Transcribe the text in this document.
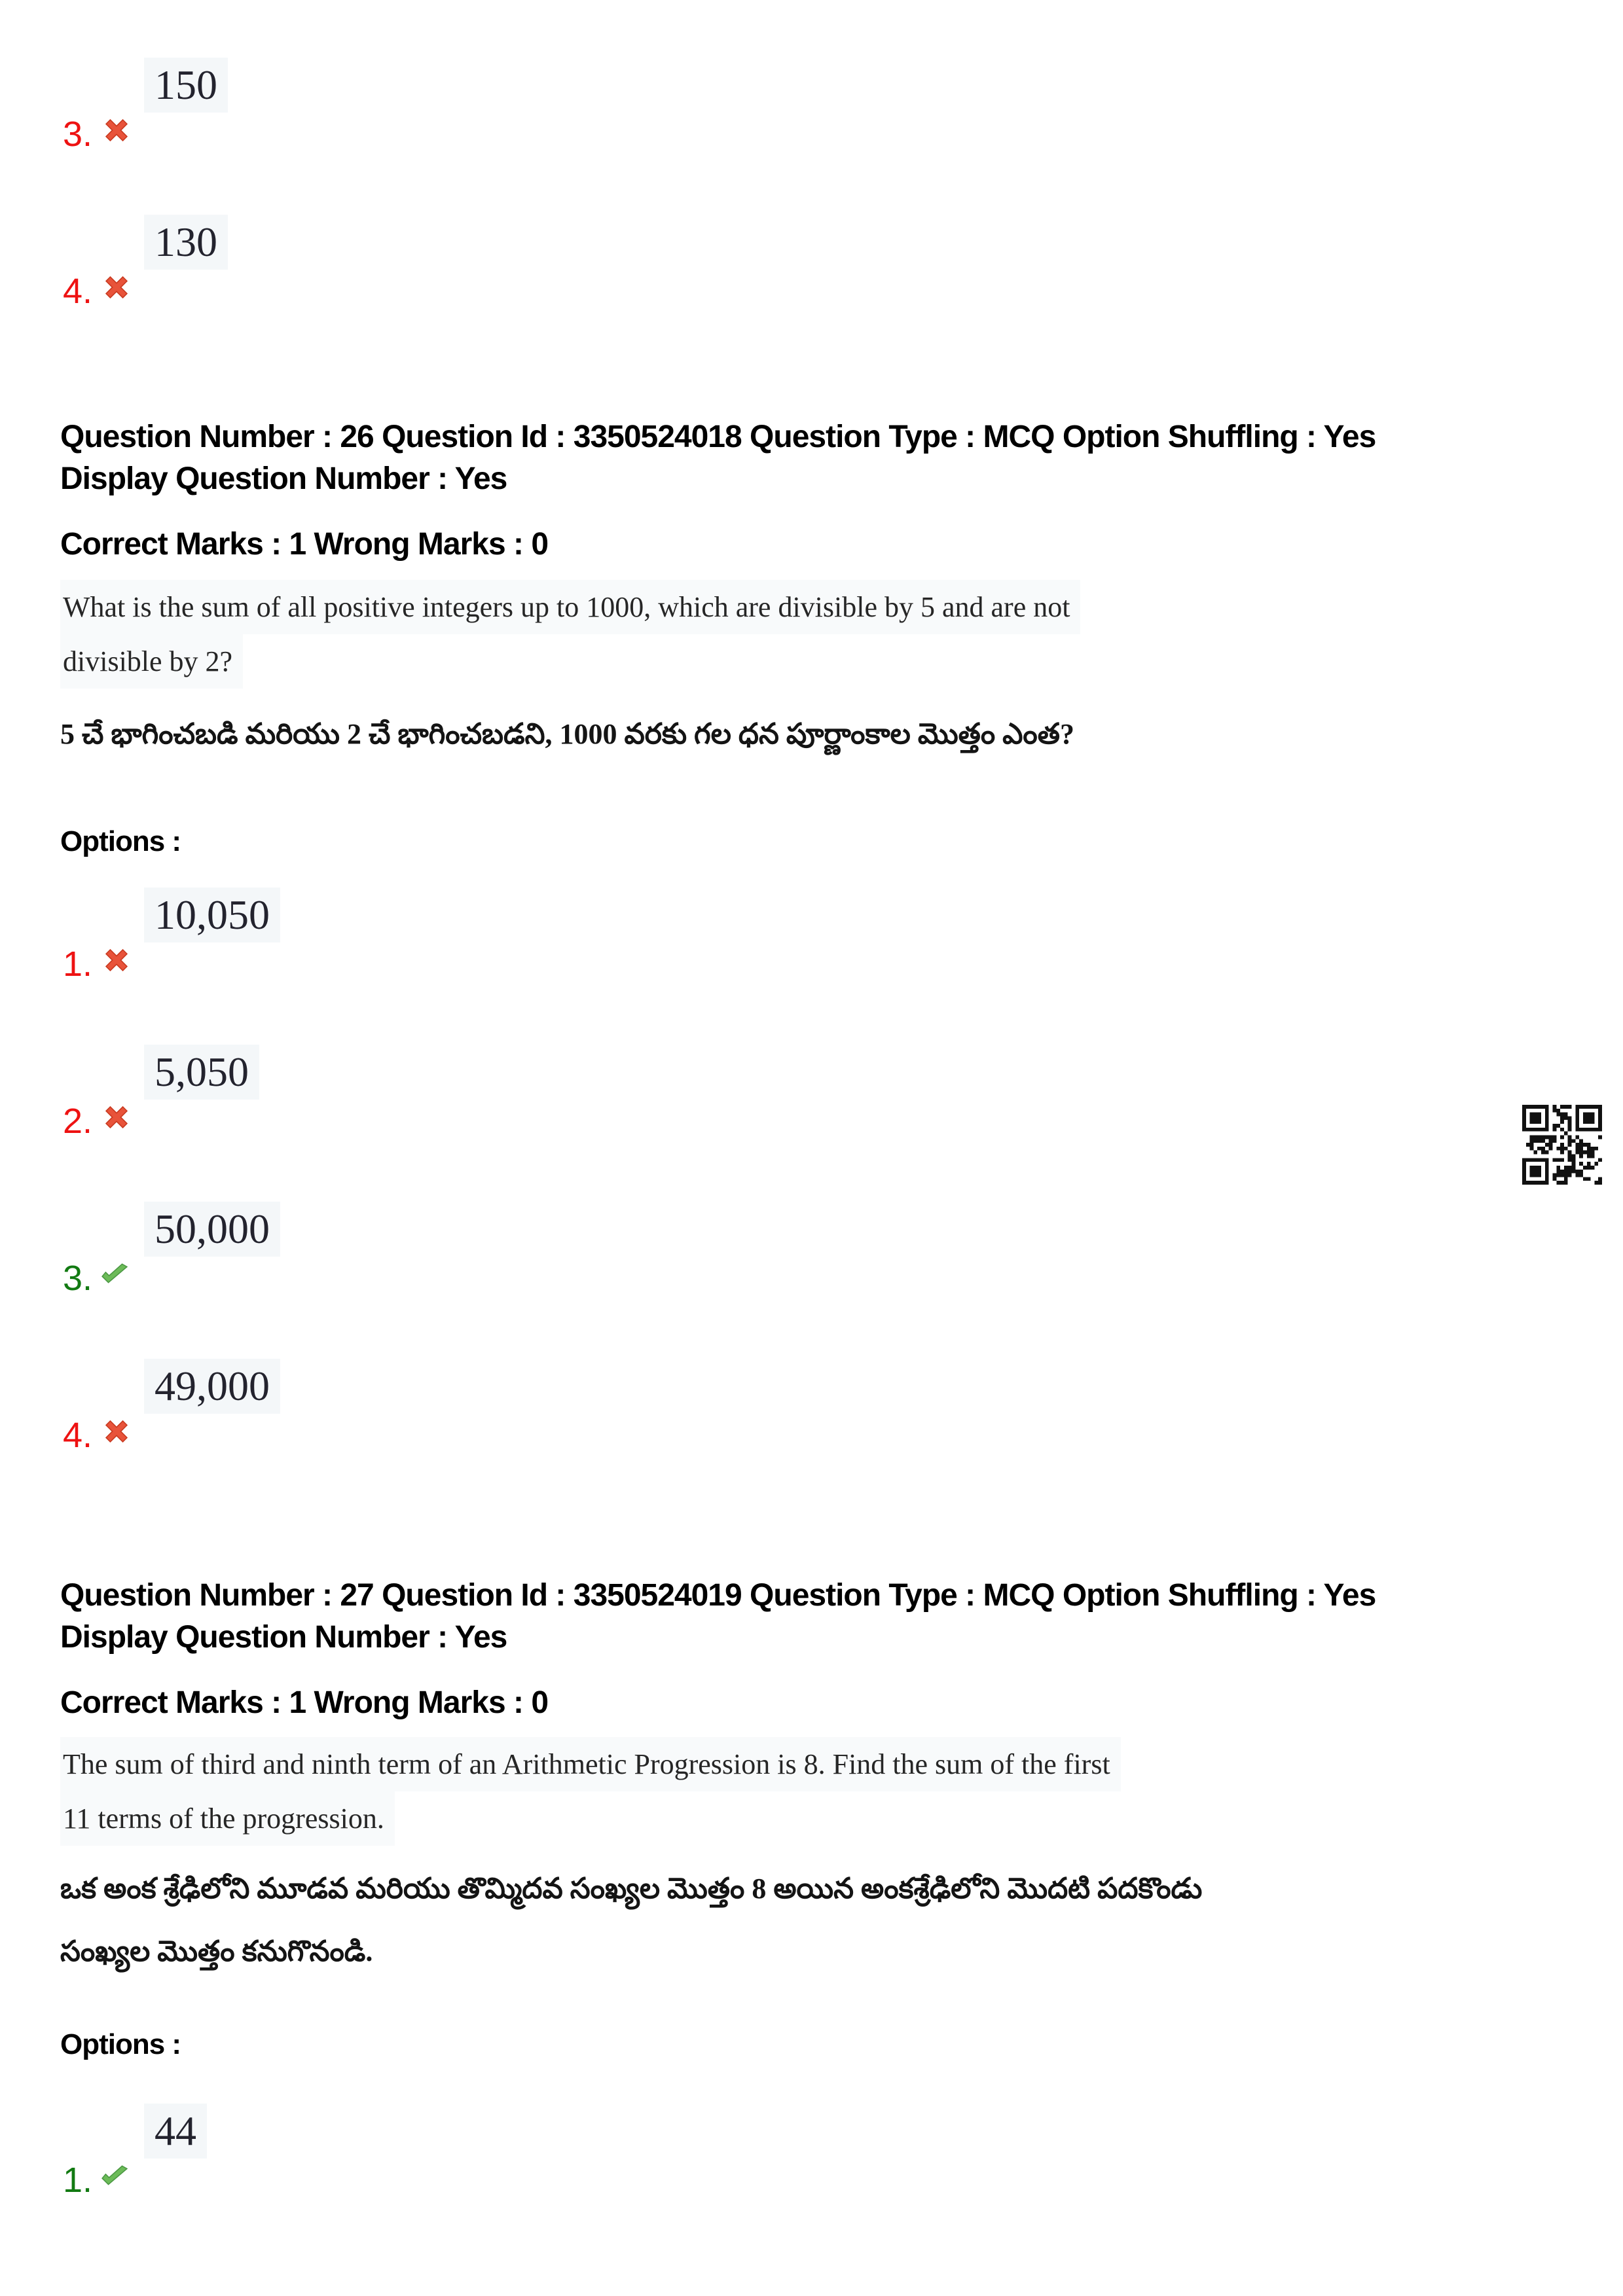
150
3.
130
4.
Question Number : 26 Question Id : 3350524018 Question Type : MCQ Option Shuffling : Yes
Display Question Number : Yes
Correct Marks : 1 Wrong Marks : 0
What is the sum of all positive integers up to 1000, which are divisible by 5 and are not
divisible by 2?
5 చే భాగించబడి మరియు 2 చే భాగించబడని, 1000 వరకు గల ధన పూర్ణాంకాల మొత్తం ఎంత?
Options :
10,050
1.
5,050
2.
50,000
3.
49,000
4.
Question Number : 27 Question Id : 3350524019 Question Type : MCQ Option Shuffling : Yes
Display Question Number : Yes
Correct Marks : 1 Wrong Marks : 0
The sum of third and ninth term of an Arithmetic Progression is 8. Find the sum of the first
11 terms of the progression.
ఒక అంక శ్రేఢిలోని మూడవ మరియు తొమ్మిదవ సంఖ్యల మొత్తం 8 అయిన అంకశ్రేఢిలోని మొదటి పదకొండు
సంఖ్యల మొత్తం కనుగొనండి.
Options :
44
1.
